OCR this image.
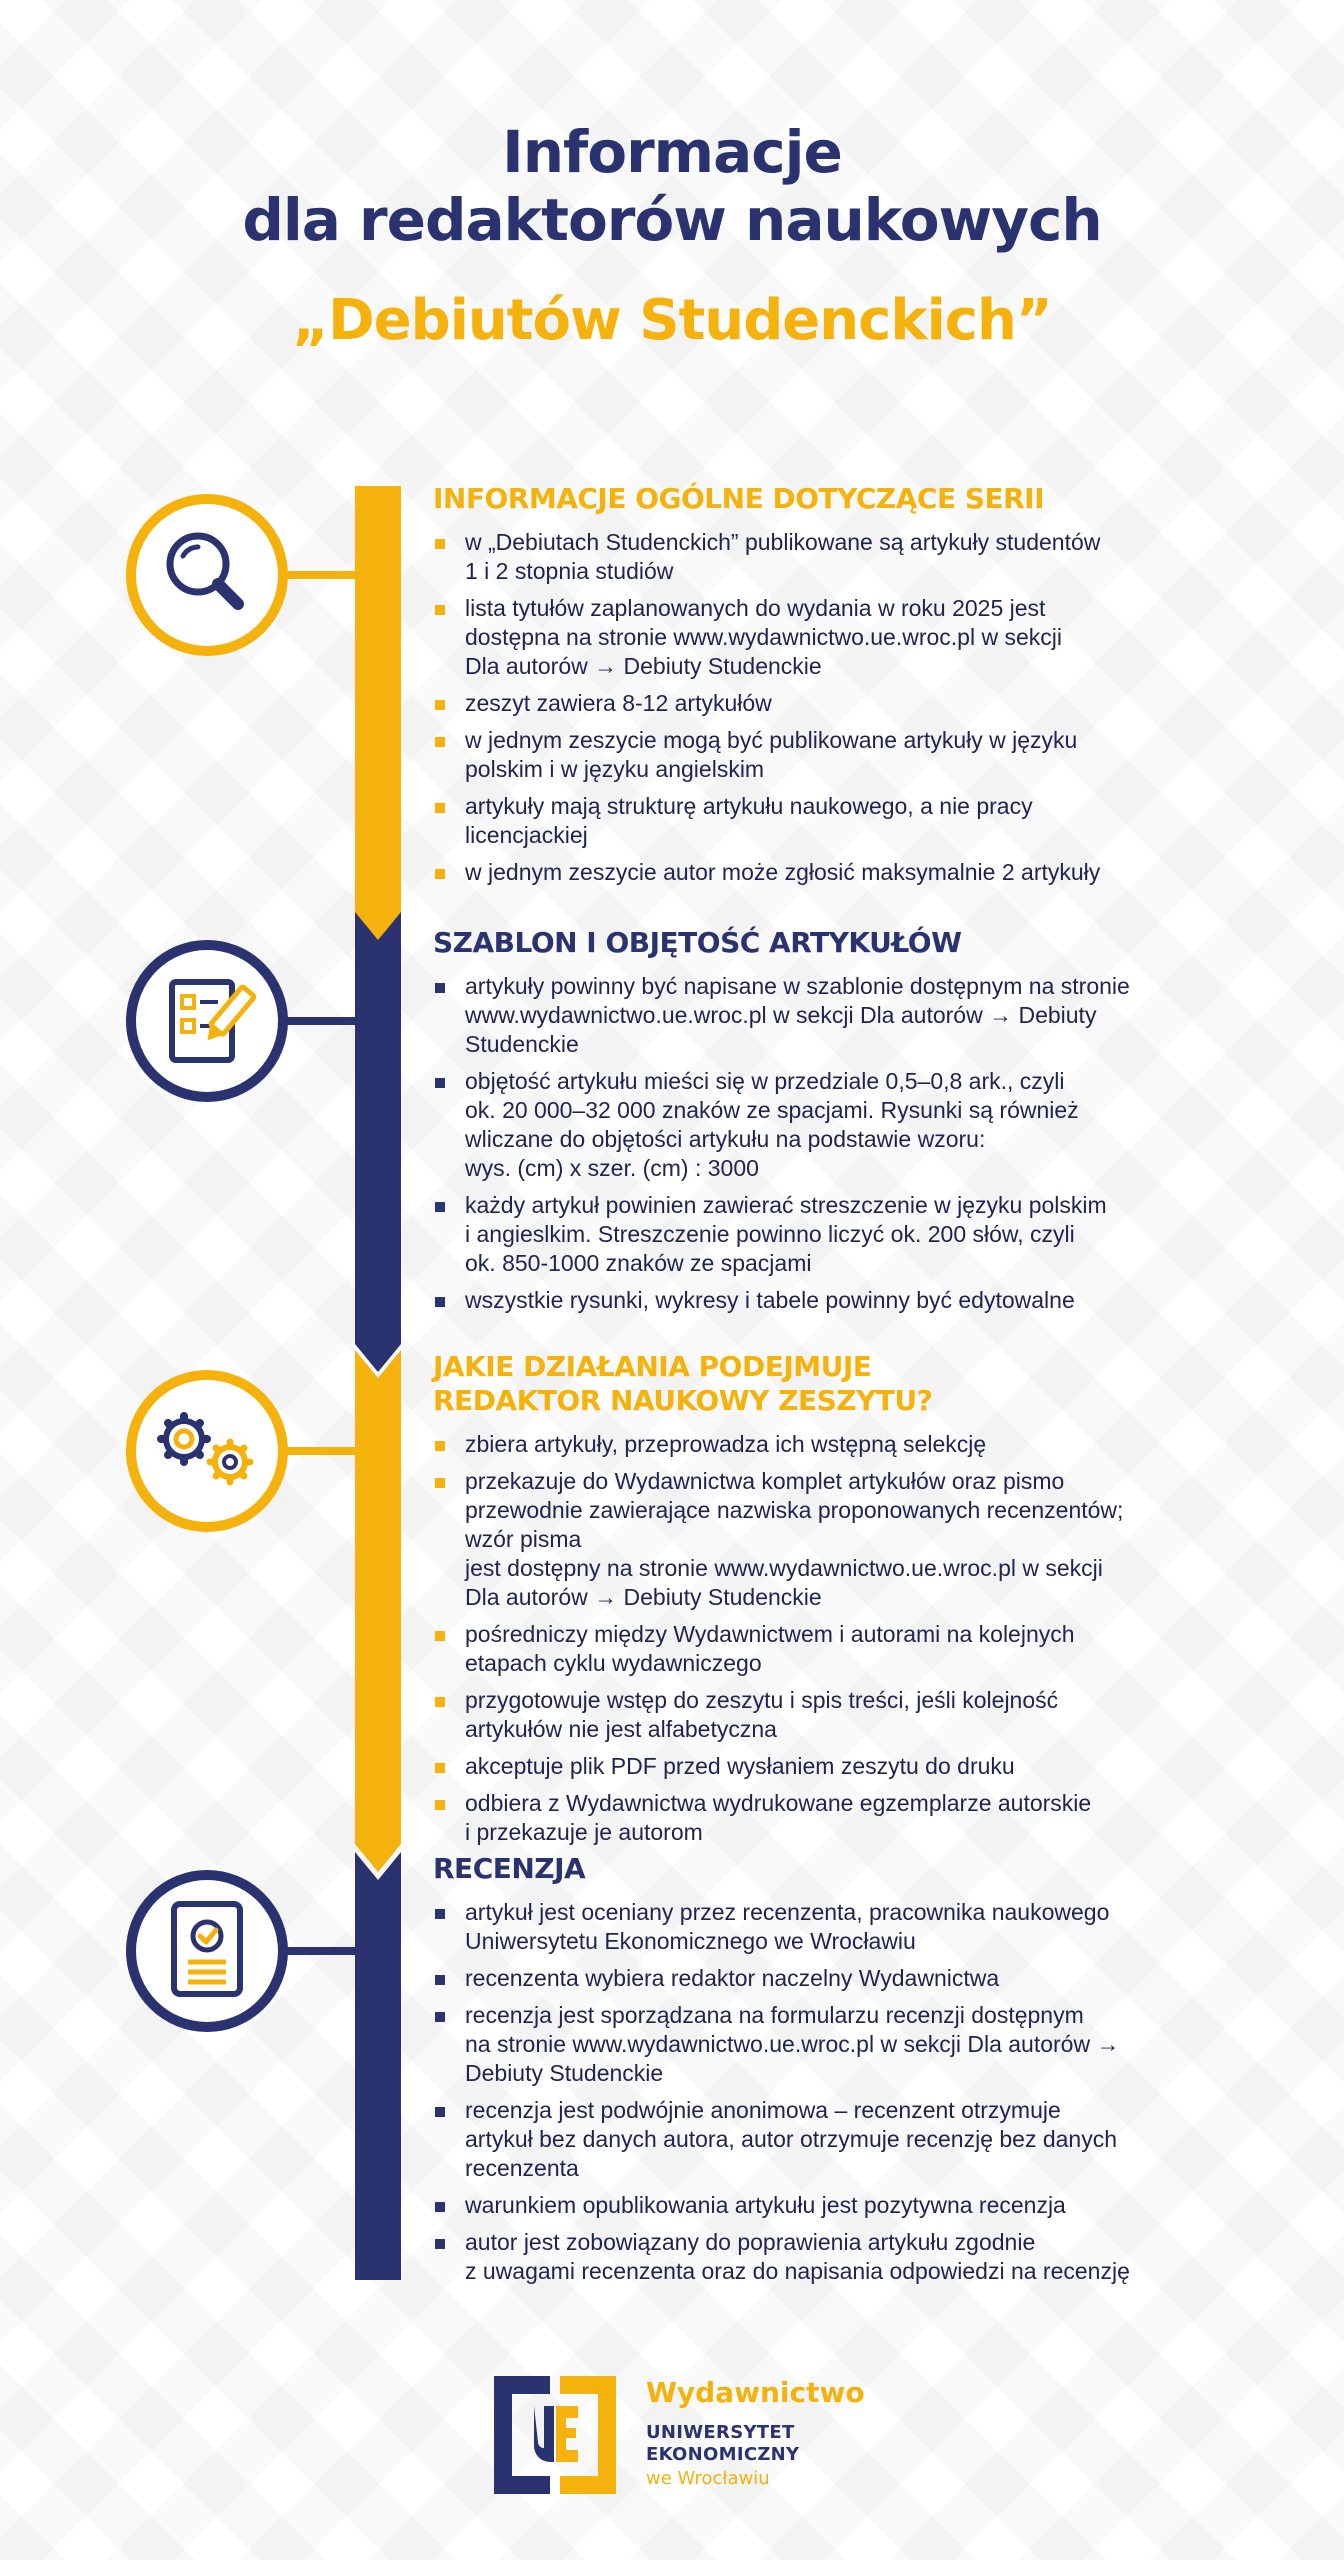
Informacje
dla redaktorów naukowych
„Debiutów Studenckich”
INFORMACJE OGÓLNE DOTYCZĄCE SERII
w „Debiutach Studenckich” publikowane są artykuły studentów
1 i 2 stopnia studiów
lista tytułów zaplanowanych do wydania w roku 2025 jest
dostępna na stronie www.wydawnictwo.ue.wroc.pl w sekcji
Dla autorów → Debiuty Studenckie
zeszyt zawiera 8-12 artykułów
w jednym zeszycie mogą być publikowane artykuły w języku
polskim i w języku angielskim
artykuły mają strukturę artykułu naukowego, a nie pracy
licencjackiej
w jednym zeszycie autor może zgłosić maksymalnie 2 artykuły
SZABLON I OBJĘTOŚĆ ARTYKUŁÓW
artykuły powinny być napisane w szablonie dostępnym na stronie
www.wydawnictwo.ue.wroc.pl w sekcji Dla autorów → Debiuty
Studenckie
objętość artykułu mieści się w przedziale 0,5–0,8 ark., czyli
ok. 20 000–32 000 znaków ze spacjami. Rysunki są również
wliczane do objętości artykułu na podstawie wzoru:
wys. (cm) x szer. (cm) : 3000
każdy artykuł powinien zawierać streszczenie w języku polskim
i angieslkim. Streszczenie powinno liczyć ok. 200 słów, czyli
ok. 850-1000 znaków ze spacjami
wszystkie rysunki, wykresy i tabele powinny być edytowalne
JAKIE DZIAŁANIA PODEJMUJE
REDAKTOR NAUKOWY ZESZYTU?
zbiera artykuły, przeprowadza ich wstępną selekcję
przekazuje do Wydawnictwa komplet artykułów oraz pismo
przewodnie zawierające nazwiska proponowanych recenzentów;
wzór pisma
jest dostępny na stronie www.wydawnictwo.ue.wroc.pl w sekcji
Dla autorów → Debiuty Studenckie
pośredniczy między Wydawnictwem i autorami na kolejnych
etapach cyklu wydawniczego
przygotowuje wstęp do zeszytu i spis treści, jeśli kolejność
artykułów nie jest alfabetyczna
akceptuje plik PDF przed wysłaniem zeszytu do druku
odbiera z Wydawnictwa wydrukowane egzemplarze autorskie
i przekazuje je autorom
RECENZJA
artykuł jest oceniany przez recenzenta, pracownika naukowego
Uniwersytetu Ekonomicznego we Wrocławiu
recenzenta wybiera redaktor naczelny Wydawnictwa
recenzja jest sporządzana na formularzu recenzji dostępnym
na stronie www.wydawnictwo.ue.wroc.pl w sekcji Dla autorów →
Debiuty Studenckie
recenzja jest podwójnie anonimowa – recenzent otrzymuje
artykuł bez danych autora, autor otrzymuje recenzję bez danych
recenzenta
warunkiem opublikowania artykułu jest pozytywna recenzja
autor jest zobowiązany do poprawienia artykułu zgodnie
z uwagami recenzenta oraz do napisania odpowiedzi na recenzję
Wydawnictwo
UNIWERSYTET
EKONOMICZNY
we Wrocławiu
